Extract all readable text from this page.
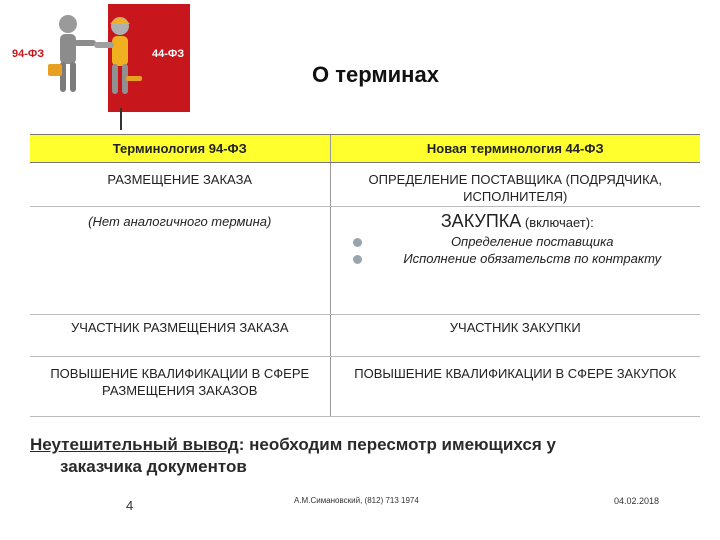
94-ФЗ	44-ФЗ
О терминах
Терминология 94-ФЗ	Новая терминология 44-ФЗ
РАЗМЕЩЕНИЕ ЗАКАЗА	ОПРЕДЕЛЕНИЕ ПОСТАВЩИКА (ПОДРЯДЧИКА, ИСПОЛНИТЕЛЯ)
(Нет аналогичного термина)	ЗАКУПКА (включает):
Определение поставщика
Исполнение обязательств по контракту

УЧАСТНИК РАЗМЕЩЕНИЯ ЗАКАЗА	УЧАСТНИК ЗАКУПКИ
ПОВЫШЕНИЕ КВАЛИФИКАЦИИ В СФЕРЕ РАЗМЕЩЕНИЯ ЗАКАЗОВ	ПОВЫШЕНИЕ КВАЛИФИКАЦИИ В СФЕРЕ ЗАКУПОК
Неутешительный вывод: необходим пересмотр имеющихся у
заказчика документов
4	А.М.Симановский, (812) 713 1974	04.02.2018
